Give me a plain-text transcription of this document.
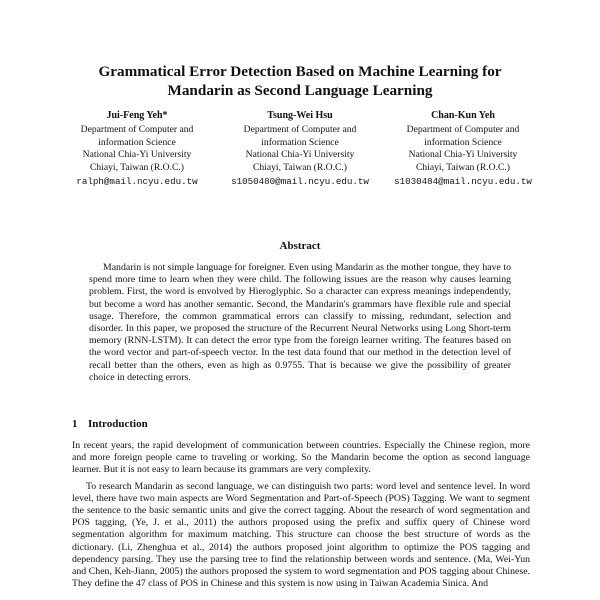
Grammatical Error Detection Based on Machine Learning for
Mandarin as Second Language Learning
Jui-Feng Yeh*
Department of Computer and
information Science
National Chia-Yi University
Chiayi, Taiwan (R.O.C.)
ralph@mail.ncyu.edu.tw
Tsung-Wei Hsu
Department of Computer and
information Science
National Chia-Yi University
Chiayi, Taiwan (R.O.C.)
s1050480@mail.ncyu.edu.tw
Chan-Kun Yeh
Department of Computer and
information Science
National Chia-Yi University
Chiayi, Taiwan (R.O.C.)
s1030484@mail.ncyu.edu.tw
Abstract
Mandarin is not simple language for foreigner. Even using Mandarin as the mother tongue, they have to spend more time to learn when they were child. The following issues are the reason why causes learning problem. First, the word is envolved by Hieroglyphic. So a character can express meanings independently, but become a word has another semantic. Second, the Mandarin's grammars have flexible rule and special usage. Therefore, the common grammatical errors can classify to missing, redundant, selection and disorder. In this paper, we proposed the structure of the Recurrent Neural Networks using Long Short-term memory (RNN-LSTM). It can detect the error type from the foreign learner writing. The features based on the word vector and part-of-speech vector. In the test data found that our method in the detection level of recall better than the others, even as high as 0.9755. That is because we give the possibility of greater choice in detecting errors.
1 Introduction

In recent years, the rapid development of communication between countries. Especially the Chinese region, more and more foreign people came to traveling or working. So the Mandarin become the option as second language learner. But it is not easy to learn because its grammars are very complexity.

To research Mandarin as second language, we can distinguish two parts: word level and sentence level. In word level, there have two main aspects are Word Segmentation and Part-of-Speech (POS) Tagging. We want to segment the sentence to the basic semantic units and give the correct tagging. About the research of word segmentation and POS tagging, (Ye, J. et al., 2011) the authors proposed using the prefix and suffix query of Chinese word segmentation algorithm for maximum matching. This structure can choose the best structure of words as the dictionary. (Li, Zhenghua et al., 2014) the authors proposed joint algorithm to optimize the POS tagging and dependency parsing. They use the parsing tree to find the relationship between words and sentence. (Ma, Wei-Yun and Chen, Keh-Jiann, 2005) the authors proposed the system to word segmentation and POS tagging about Chinese. They define the 47 class of POS in Chinese and this system is now using in Taiwan Academia Sinica. And
